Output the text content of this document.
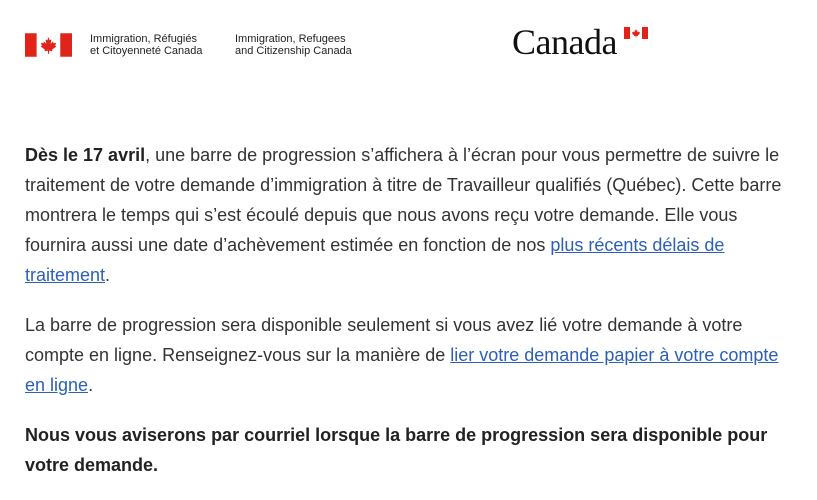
Immigration, Réfugiés
et Citoyenneté Canada
Immigration, Refugees
and Citizenship Canada	Canada

Dès le 17 avril, une barre de progression s’affichera à l’écran pour vous permettre de suivre le traitement de votre demande d’immigration à titre de Travailleur qualifiés (Québec). Cette barre montrera le temps qui s’est écoulé depuis que nous avons reçu votre demande. Elle vous fournira aussi une date d’achèvement estimée en fonction de nos plus récents délais de traitement.

La barre de progression sera disponible seulement si vous avez lié votre demande à votre compte en ligne. Renseignez-vous sur la manière de lier votre demande papier à votre compte en ligne.

Nous vous aviserons par courriel lorsque la barre de progression sera disponible pour votre demande.
